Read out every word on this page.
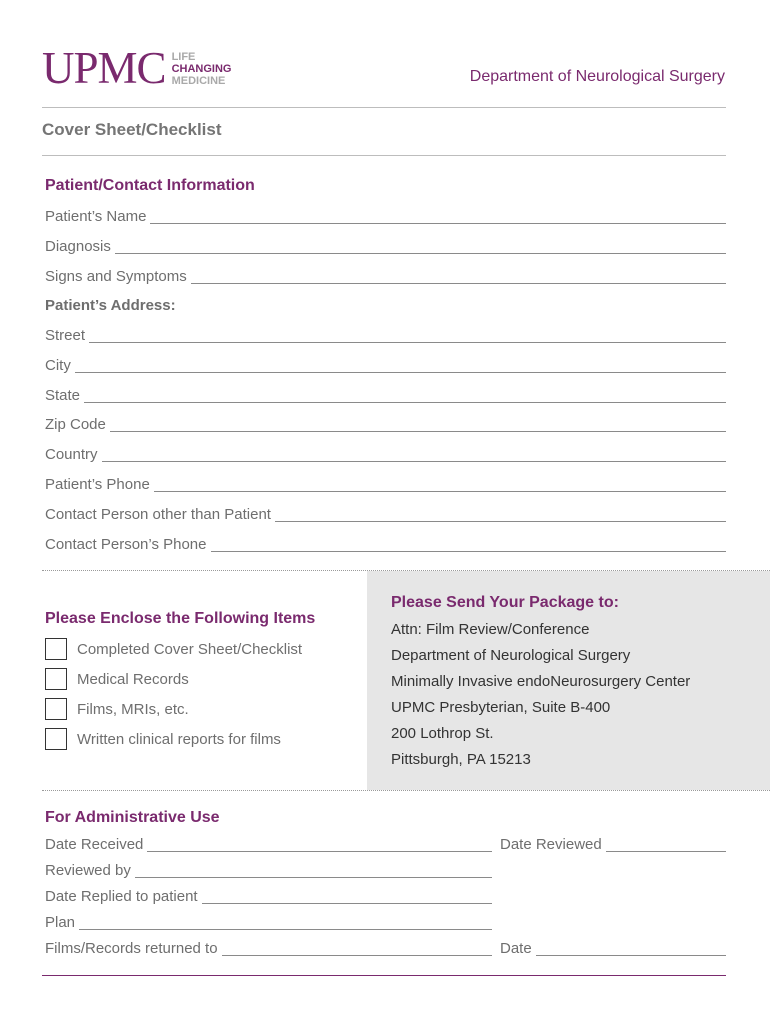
UPMC LIFE
CHANGING
MEDICINE	Department of Neurological Surgery
Cover Sheet/Checklist
Patient/Contact Information
Patient’s Name
Diagnosis
Signs and Symptoms
Patient’s Address:
Street
City
State
Zip Code
Country
Patient’s Phone
Contact Person other than Patient
Contact Person’s Phone
Please Send Your Package to:
Attn: Film Review/Conference
Department of Neurological Surgery
Minimally Invasive endoNeurosurgery Center
UPMC Presbyterian, Suite B-400
200 Lothrop St.
Pittsburgh, PA 15213
Please Enclose the Following Items
Completed Cover Sheet/Checklist
Medical Records
Films, MRIs, etc.
Written clinical reports for films
For Administrative Use
Date Received	Date Reviewed
Reviewed by
Date Replied to patient
Plan
Films/Records returned to	Date
